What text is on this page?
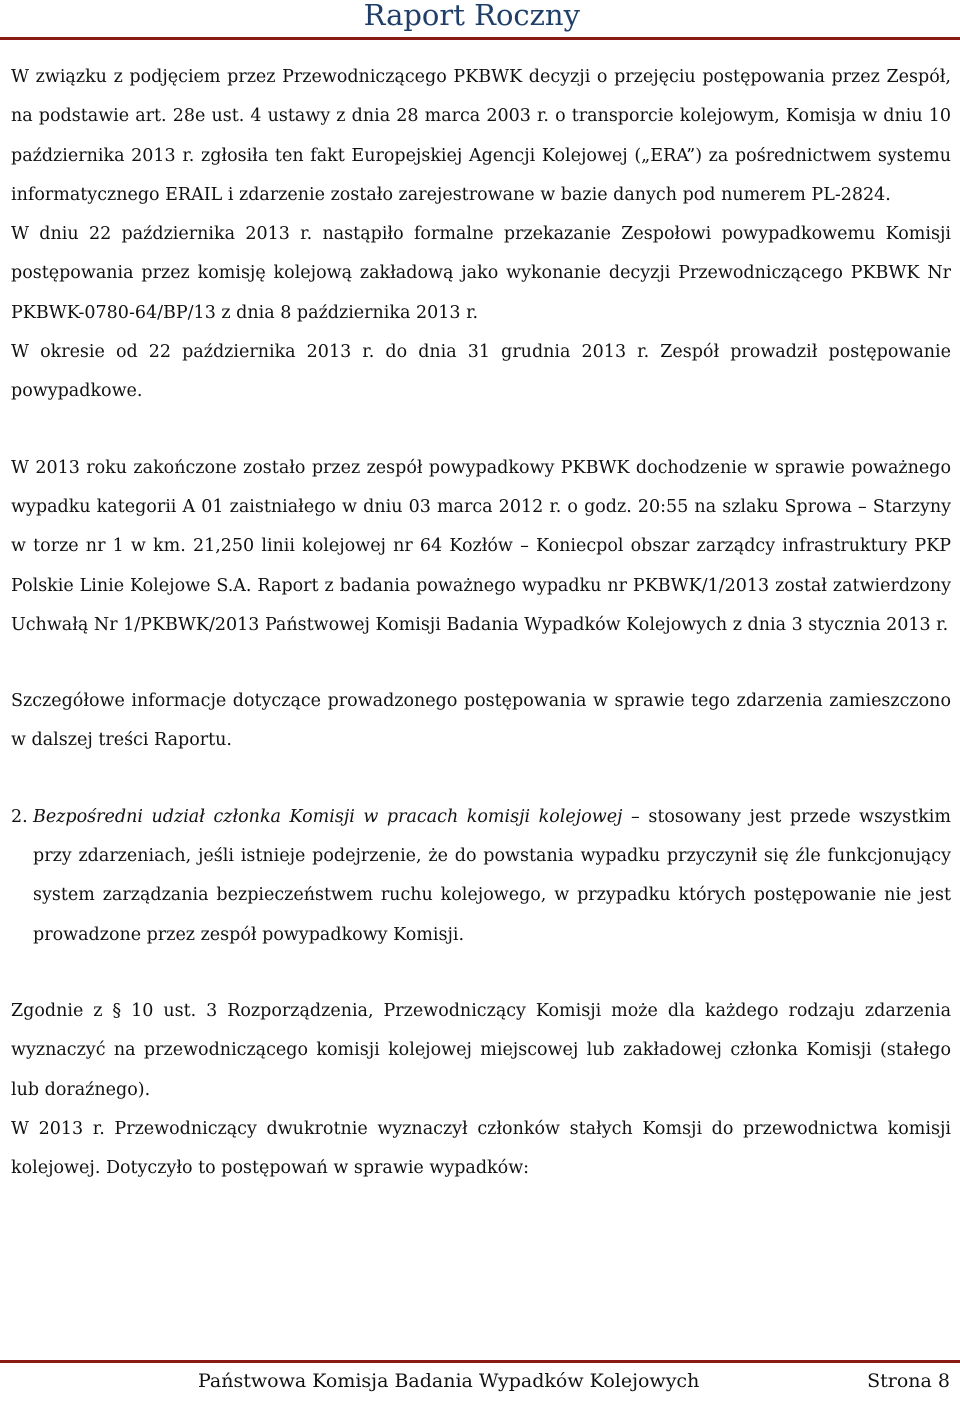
Raport Roczny

W związku z podjęciem przez Przewodniczącego PKBWK decyzji o przejęciu postępowania przez Zespół, na podstawie art. 28e ust. 4 ustawy z dnia 28 marca 2003 r. o transporcie kolejowym, Komisja w dniu 10 października 2013 r. zgłosiła ten fakt Europejskiej Agencji Kolejowej („ERA”) za pośrednictwem systemu informatycznego ERAIL i zdarzenie zostało zarejestrowane w bazie danych pod numerem PL-2824.

W dniu 22 października 2013 r. nastąpiło formalne przekazanie Zespołowi powypadkowemu Komisji postępowania przez komisję kolejową zakładową jako wykonanie decyzji Przewodniczącego PKBWK Nr PKBWK-0780-64/BP/13 z dnia 8 października 2013 r.

W okresie od 22 października 2013 r. do dnia 31 grudnia 2013 r. Zespół prowadził postępowanie powypadkowe.

W 2013 roku zakończone zostało przez zespół powypadkowy PKBWK dochodzenie w sprawie poważnego wypadku kategorii A 01 zaistniałego w dniu 03 marca 2012 r. o godz. 20:55 na szlaku Sprowa – Starzyny w torze nr 1 w km. 21,250 linii kolejowej nr 64 Kozłów – Koniecpol obszar zarządcy infrastruktury PKP Polskie Linie Kolejowe S.A. Raport z badania poważnego wypadku nr PKBWK/1/2013 został zatwierdzony Uchwałą Nr 1/PKBWK/2013 Państwowej Komisji Badania Wypadków Kolejowych z dnia 3 stycznia 2013 r.

Szczegółowe informacje dotyczące prowadzonego postępowania w sprawie tego zdarzenia zamieszczono w dalszej treści Raportu.

2. Bezpośredni udział członka Komisji w pracach komisji kolejowej – stosowany jest przede wszystkim przy zdarzeniach, jeśli istnieje podejrzenie, że do powstania wypadku przyczynił się źle funkcjonujący system zarządzania bezpieczeństwem ruchu kolejowego, w przypadku których postępowanie nie jest prowadzone przez zespół powypadkowy Komisji.

Zgodnie z § 10 ust. 3 Rozporządzenia, Przewodniczący Komisji może dla każdego rodzaju zdarzenia wyznaczyć na przewodniczącego komisji kolejowej miejscowej lub zakładowej członka Komisji (stałego lub doraźnego).

W 2013 r. Przewodniczący dwukrotnie wyznaczył członków stałych Komsji do przewodnictwa komisji kolejowej. Dotyczyło to postępowań w sprawie wypadków:

Państwowa Komisja Badania Wypadków Kolejowych	Strona 8
